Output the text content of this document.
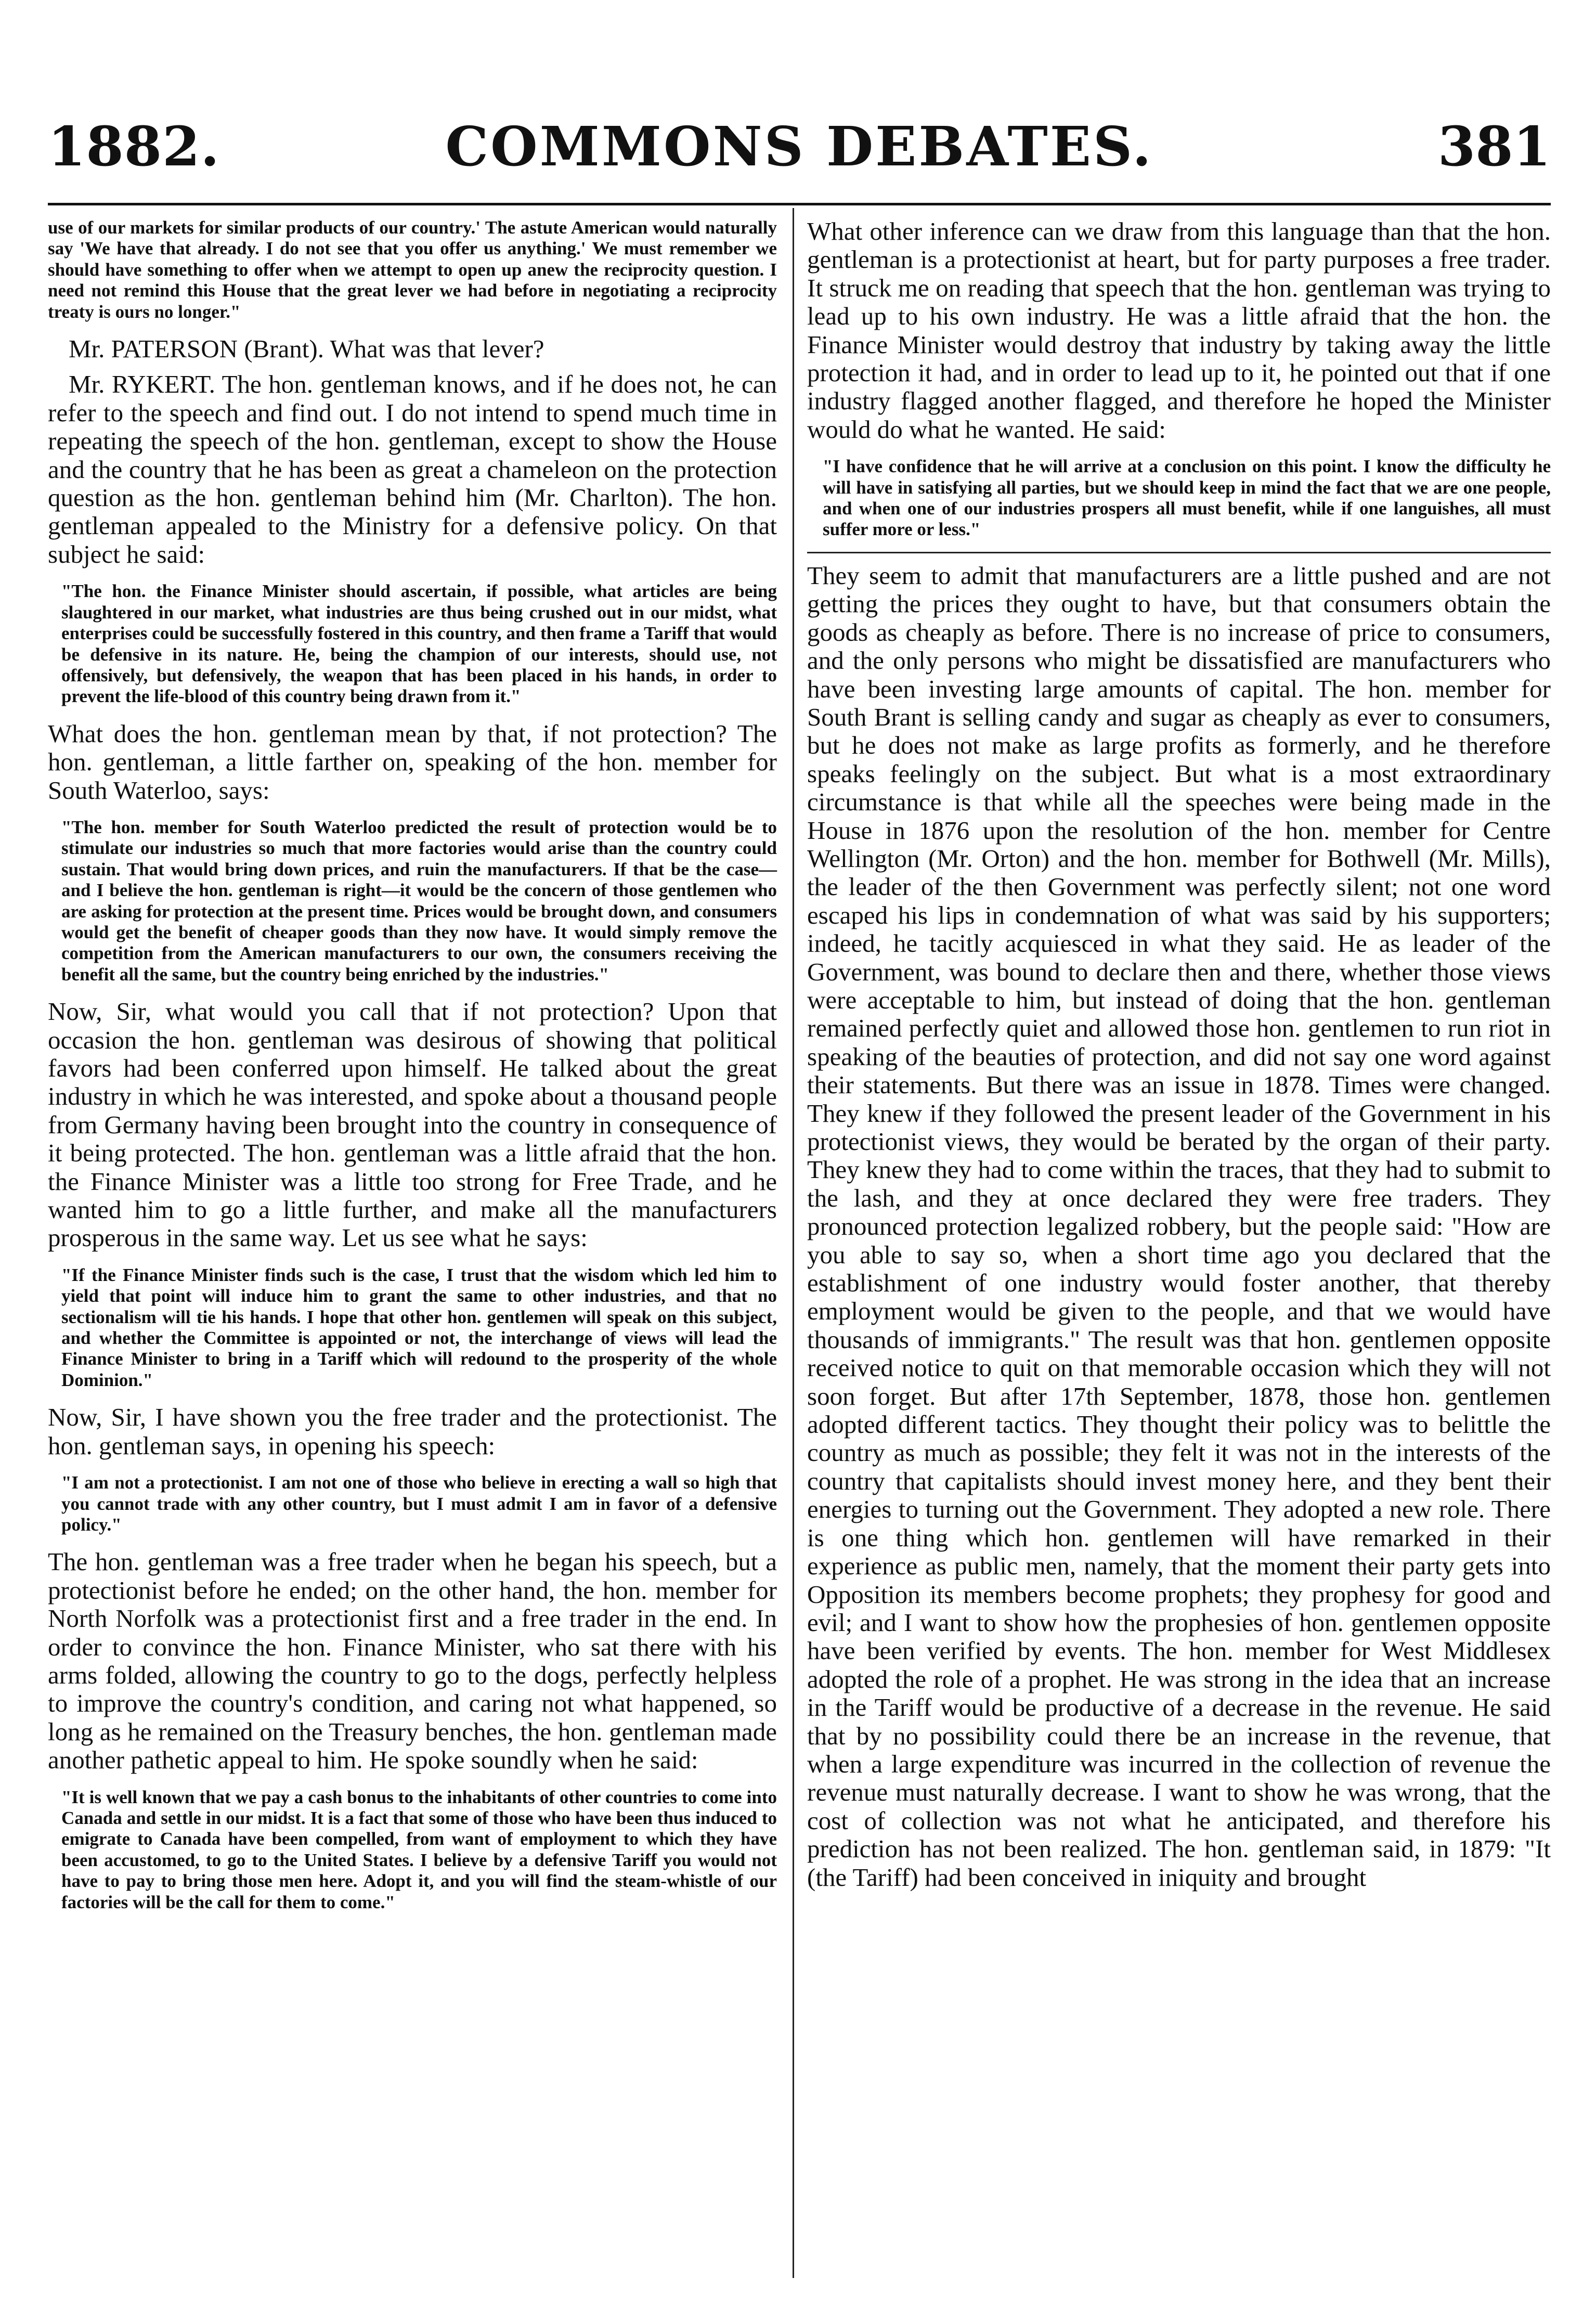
1882.	COMMONS DEBATES.	381

use of our markets for similar products of our country.' The astute American would naturally say 'We have that already. I do not see that you offer us anything.' We must remember we should have something to offer when we attempt to open up anew the reciprocity question. I need not remind this House that the great lever we had before in negotiating a reciprocity treaty is ours no longer."

Mr. PATERSON (Brant). What was that lever?

Mr. RYKERT. The hon. gentleman knows, and if he does not, he can refer to the speech and find out. I do not intend to spend much time in repeating the speech of the hon. gentleman, except to show the House and the country that he has been as great a chameleon on the protection question as the hon. gentleman behind him (Mr. Charlton). The hon. gentleman appealed to the Ministry for a defensive policy. On that subject he said:

"The hon. the Finance Minister should ascertain, if possible, what articles are being slaughtered in our market, what industries are thus being crushed out in our midst, what enterprises could be successfully fostered in this country, and then frame a Tariff that would be defensive in its nature. He, being the champion of our interests, should use, not offensively, but defensively, the weapon that has been placed in his hands, in order to prevent the life-blood of this country being drawn from it."

What does the hon. gentleman mean by that, if not protection? The hon. gentleman, a little farther on, speaking of the hon. member for South Waterloo, says:

"The hon. member for South Waterloo predicted the result of protection would be to stimulate our industries so much that more factories would arise than the country could sustain. That would bring down prices, and ruin the manufacturers. If that be the case—and I believe the hon. gentleman is right—it would be the concern of those gentlemen who are asking for protection at the present time. Prices would be brought down, and consumers would get the benefit of cheaper goods than they now have. It would simply remove the competition from the American manufacturers to our own, the consumers receiving the benefit all the same, but the country being enriched by the industries."

Now, Sir, what would you call that if not protection? Upon that occasion the hon. gentleman was desirous of showing that political favors had been conferred upon himself. He talked about the great industry in which he was interested, and spoke about a thousand people from Germany having been brought into the country in consequence of it being protected. The hon. gentleman was a little afraid that the hon. the Finance Minister was a little too strong for Free Trade, and he wanted him to go a little further, and make all the manufacturers prosperous in the same way. Let us see what he says:

"If the Finance Minister finds such is the case, I trust that the wisdom which led him to yield that point will induce him to grant the same to other industries, and that no sectionalism will tie his hands. I hope that other hon. gentlemen will speak on this subject, and whether the Committee is appointed or not, the interchange of views will lead the Finance Minister to bring in a Tariff which will redound to the prosperity of the whole Dominion."

Now, Sir, I have shown you the free trader and the protectionist. The hon. gentleman says, in opening his speech:

"I am not a protectionist. I am not one of those who believe in erecting a wall so high that you cannot trade with any other country, but I must admit I am in favor of a defensive policy."

The hon. gentleman was a free trader when he began his speech, but a protectionist before he ended; on the other hand, the hon. member for North Norfolk was a protectionist first and a free trader in the end. In order to convince the hon. Finance Minister, who sat there with his arms folded, allowing the country to go to the dogs, perfectly helpless to improve the country's condition, and caring not what happened, so long as he remained on the Treasury benches, the hon. gentleman made another pathetic appeal to him. He spoke soundly when he said:

"It is well known that we pay a cash bonus to the inhabitants of other countries to come into Canada and settle in our midst. It is a fact that some of those who have been thus induced to emigrate to Canada have been compelled, from want of employment to which they have been accustomed, to go to the United States. I believe by a defensive Tariff you would not have to pay to bring those men here. Adopt it, and you will find the steam-whistle of our factories will be the call for them to come."

What other inference can we draw from this language than that the hon. gentleman is a protectionist at heart, but for party purposes a free trader. It struck me on reading that speech that the hon. gentleman was trying to lead up to his own industry. He was a little afraid that the hon. the Finance Minister would destroy that industry by taking away the little protection it had, and in order to lead up to it, he pointed out that if one industry flagged another flagged, and therefore he hoped the Minister would do what he wanted. He said:

"I have confidence that he will arrive at a conclusion on this point. I know the difficulty he will have in satisfying all parties, but we should keep in mind the fact that we are one people, and when one of our industries prospers all must benefit, while if one languishes, all must suffer more or less."

They seem to admit that manufacturers are a little pushed and are not getting the prices they ought to have, but that consumers obtain the goods as cheaply as before. There is no increase of price to consumers, and the only persons who might be dissatisfied are manufacturers who have been investing large amounts of capital. The hon. member for South Brant is selling candy and sugar as cheaply as ever to consumers, but he does not make as large profits as formerly, and he therefore speaks feelingly on the subject. But what is a most extraordinary circumstance is that while all the speeches were being made in the House in 1876 upon the resolution of the hon. member for Centre Wellington (Mr. Orton) and the hon. member for Bothwell (Mr. Mills), the leader of the then Government was perfectly silent; not one word escaped his lips in condemnation of what was said by his supporters; indeed, he tacitly acquiesced in what they said. He as leader of the Government, was bound to declare then and there, whether those views were acceptable to him, but instead of doing that the hon. gentleman remained perfectly quiet and allowed those hon. gentlemen to run riot in speaking of the beauties of protection, and did not say one word against their statements. But there was an issue in 1878. Times were changed. They knew if they followed the present leader of the Government in his protectionist views, they would be berated by the organ of their party. They knew they had to come within the traces, that they had to submit to the lash, and they at once declared they were free traders. They pronounced protection legalized robbery, but the people said: "How are you able to say so, when a short time ago you declared that the establishment of one industry would foster another, that thereby employment would be given to the people, and that we would have thousands of immigrants." The result was that hon. gentlemen opposite received notice to quit on that memorable occasion which they will not soon forget. But after 17th September, 1878, those hon. gentlemen adopted different tactics. They thought their policy was to belittle the country as much as possible; they felt it was not in the interests of the country that capitalists should invest money here, and they bent their energies to turning out the Government. They adopted a new role. There is one thing which hon. gentlemen will have remarked in their experience as public men, namely, that the moment their party gets into Opposition its members become prophets; they prophesy for good and evil; and I want to show how the prophesies of hon. gentlemen opposite have been verified by events. The hon. member for West Middlesex adopted the role of a prophet. He was strong in the idea that an increase in the Tariff would be productive of a decrease in the revenue. He said that by no possibility could there be an increase in the revenue, that when a large expenditure was incurred in the collection of revenue the revenue must naturally decrease. I want to show he was wrong, that the cost of collection was not what he anticipated, and therefore his prediction has not been realized. The hon. gentleman said, in 1879: "It (the Tariff) had been conceived in iniquity and brought
